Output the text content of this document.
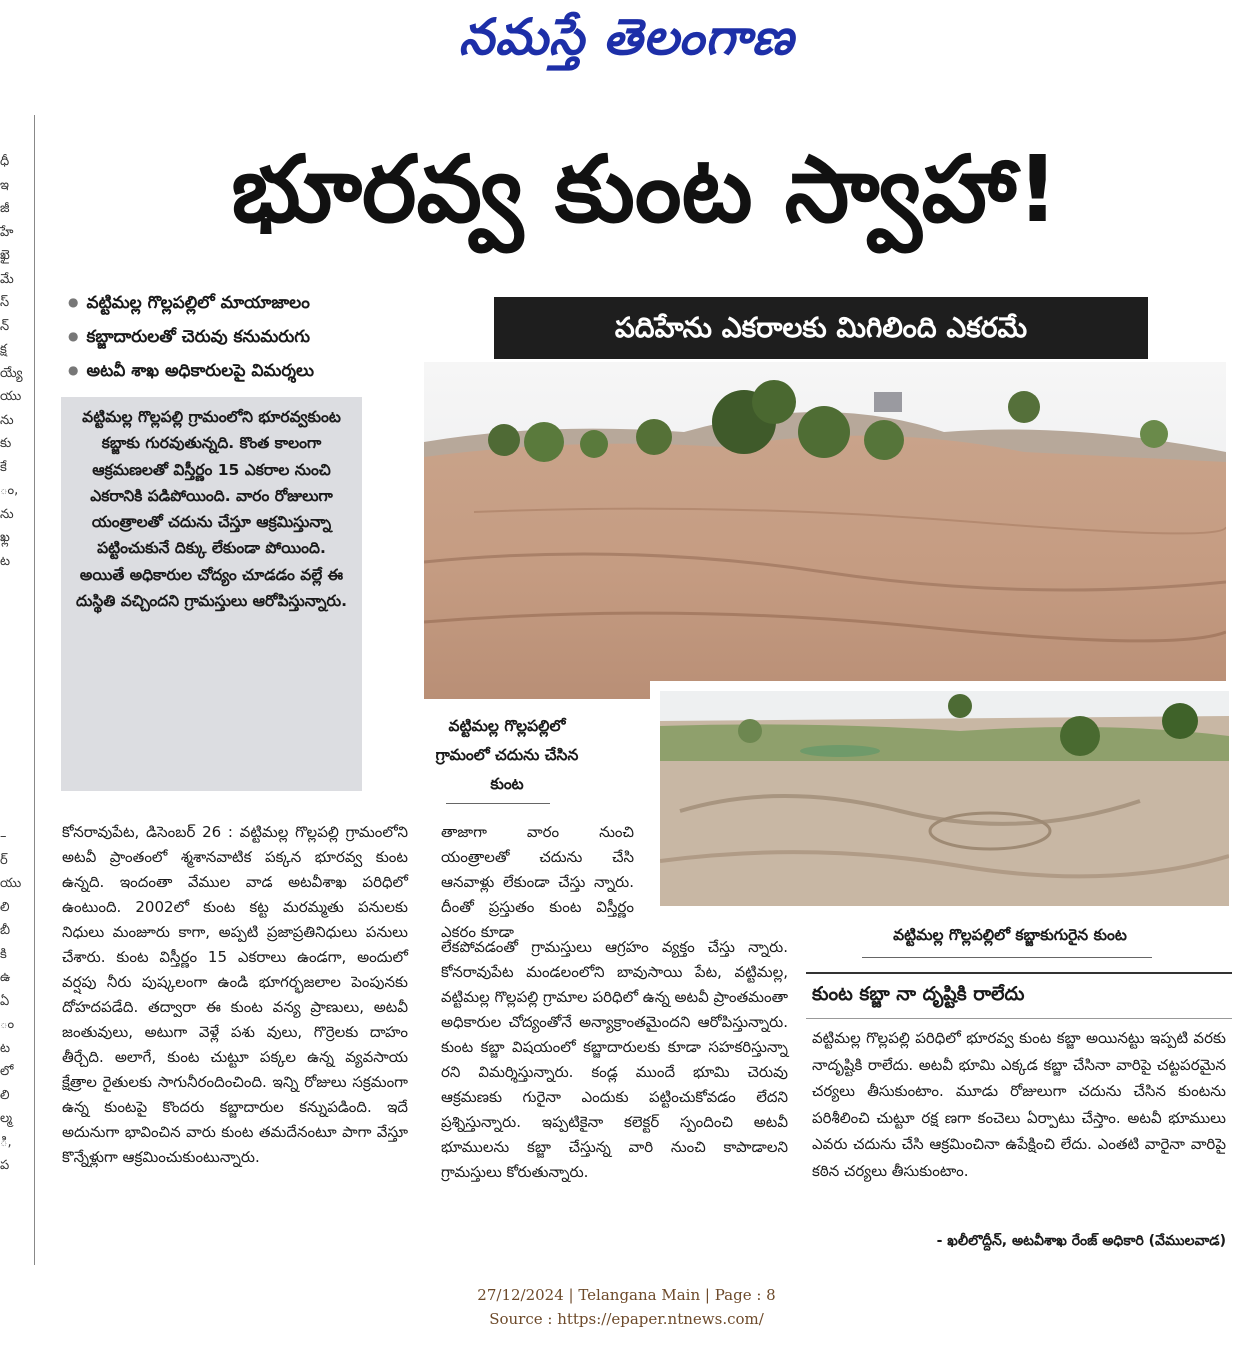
నమస్తే తెలంగాణ
ధీ
ఇ
జీ
హే
ఖై
మే
స్
న్
క్ష
య్యే
యు
ను
కు
కే
ం,
ను
ఖ్ల
ట
–
ర్
యు
లి
బీ
కి
ఉ
ఏ
ం
ట
లో
లి
ల్మ
ి,
ప
భూరవ్వ కుంట స్వాహా!
● వట్టిమల్ల గొల్లపల్లిలో మాయాజాలం
● కబ్జాదారులతో చెరువు కనుమరుగు
● అటవీ శాఖ అధికారులపై విమర్శలు
పదిహేను ఎకరాలకు మిగిలింది ఎకరమే
వట్టిమల్ల గొల్లపల్లి గ్రామంలోని భూరవ్వకుంట కబ్జాకు గురవుతున్నది. కొంత కాలంగా ఆక్రమణలతో విస్తీర్ణం 15 ఎకరాల నుంచి ఎకరానికి పడిపోయింది. వారం రోజులుగా యంత్రాలతో చదును చేస్తూ ఆక్రమిస్తున్నా పట్టించుకునే దిక్కు లేకుండా పోయింది. అయితే అధికారుల చోద్యం చూడడం వల్లే ఈ దుస్థితి వచ్చిందని గ్రామస్తులు ఆరోపిస్తున్నారు.
వట్టిమల్ల గొల్లపల్లిలో గ్రామంలో చదును చేసిన కుంట
వట్టిమల్ల గొల్లపల్లిలో కబ్జాకుగురైన కుంట
కోనరావుపేట, డిసెంబర్ 26 : వట్టిమల్ల గొల్లపల్లి గ్రామంలోని అటవీ ప్రాంతంలో శ్మశానవాటిక పక్కన భూరవ్వ కుంట ఉన్నది. ఇందంతా వేముల వాడ అటవీశాఖ పరిధిలో ఉంటుంది. 2002లో కుంట కట్ట మరమ్మతు పనులకు నిధులు మంజూరు కాగా, అప్పటి ప్రజాప్రతినిధులు పనులు చేశారు. కుంట విస్తీర్ణం 15 ఎకరాలు ఉండగా, అందులో వర్షపు నీరు పుష్కలంగా ఉండి భూగర్భజలాల పెంపునకు దోహదపడేది. తద్వారా ఈ కుంట వన్య ప్రాణులు, అటవీ జంతువులు, అటుగా వెళ్లే పశు వులు, గొర్రెలకు దాహం తీర్చేది. అలాగే, కుంట చుట్టూ పక్కల ఉన్న వ్యవసాయ క్షేత్రాల రైతులకు సాగునీరందించింది. ఇన్ని రోజులు సక్రమంగా ఉన్న కుంటపై కొందరు కబ్జాదారుల కన్నుపడింది. ఇదే అదునుగా భావించిన వారు కుంట తమదేనంటూ పాగా వేస్తూ కొన్నేళ్లుగా ఆక్రమించుకుంటున్నారు.
తాజాగా వారం నుంచి యంత్రాలతో చదును చేసి ఆనవాళ్లు లేకుండా చేస్తు న్నారు. దీంతో ప్రస్తుతం కుంట విస్తీర్ణం ఎకరం కూడా
లేకపోవడంతో గ్రామస్తులు ఆగ్రహం వ్యక్తం చేస్తు న్నారు. కోనరావుపేట మండలంలోని బావుసాయి పేట, వట్టిమల్ల, వట్టిమల్ల గొల్లపల్లి గ్రామాల పరిధిలో ఉన్న అటవీ ప్రాంతమంతా అధికారుల చోద్యంతోనే అన్యాక్రాంతమైందని ఆరోపిస్తున్నారు. కుంట కబ్జా విషయంలో కబ్జాదారులకు కూడా సహకరిస్తున్నా రని విమర్శిస్తున్నారు. కండ్ల ముందే భూమి చెరువు ఆక్రమణకు గురైనా ఎందుకు పట్టించుకోవడం లేదని ప్రశ్నిస్తున్నారు. ఇప్పటికైనా కలెక్టర్ స్పందించి అటవీ భూములను కబ్జా చేస్తున్న వారి నుంచి కాపాడాలని గ్రామస్తులు కోరుతున్నారు.
కుంట కబ్జా నా దృష్టికి రాలేదు
వట్టిమల్ల గొల్లపల్లి పరిధిలో భూరవ్వ కుంట కబ్జా అయినట్టు ఇప్పటి వరకు నాదృష్టికి రాలేదు. అటవీ భూమి ఎక్కడ కబ్జా చేసినా వారిపై చట్టపరమైన చర్యలు తీసుకుంటాం. మూడు రోజులుగా చదును చేసిన కుంటను పరిశీలించి చుట్టూ రక్ష ణగా కంచెలు ఏర్పాటు చేస్తాం. అటవీ భూములు ఎవరు చదును చేసి ఆక్రమించినా ఉపేక్షించి లేదు. ఎంతటి వారైనా వారిపై కఠిన చర్యలు తీసుకుంటాం.
- ఖలీలొద్దీన్, అటవీశాఖ రేంజ్ అధికారి (వేములవాడ)
27/12/2024 | Telangana Main | Page : 8
Source : https://epaper.ntnews.com/
